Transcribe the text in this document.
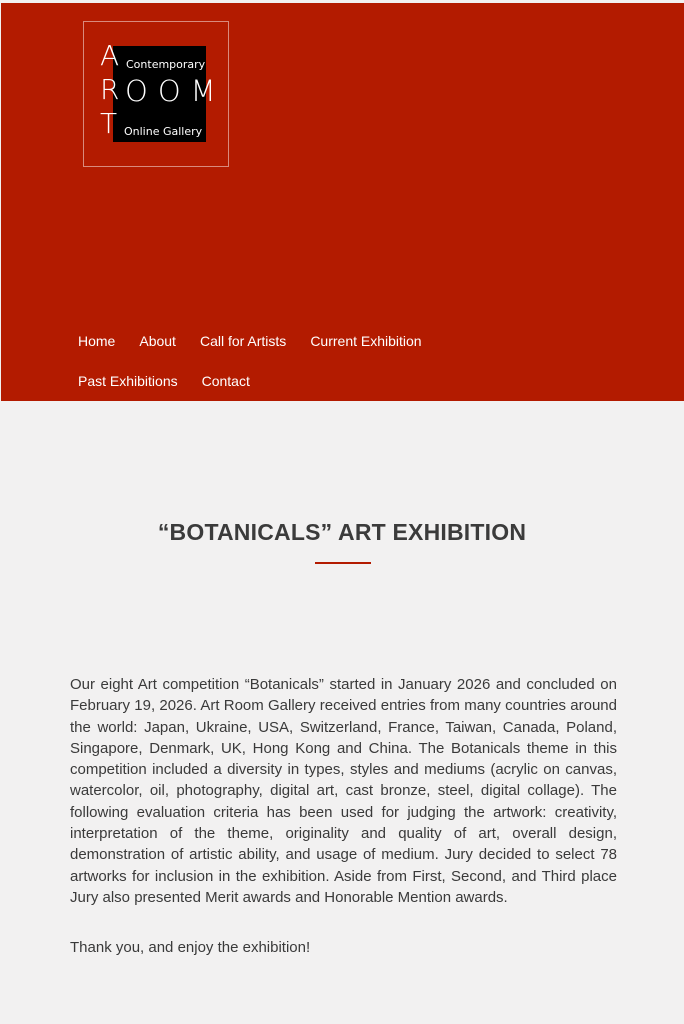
A
R
T
OOM
Contemporary
Online Gallery
Home About Call for Artists Current Exhibition
Past Exhibitions Contact
“BOTANICALS” ART EXHIBITION

Our eight Art competition “Botanicals” started in January 2026 and concluded on February 19, 2026. Art Room Gallery received entries from many countries around the world: Japan, Ukraine, USA, Switzerland, France, Taiwan, Canada, Poland, Singapore, Denmark, UK, Hong Kong and China. The Botanicals theme in this competition included a diversity in types, styles and mediums (acrylic on canvas, watercolor, oil, photography, digital art, cast bronze, steel, digital collage). The following evaluation criteria has been used for judging the artwork: creativity, interpretation of the theme, originality and quality of art, overall design, demonstration of artistic ability, and usage of medium. Jury decided to select 78 artworks for inclusion in the exhibition. Aside from First, Second, and Third place Jury also presented Merit awards and Honorable Mention awards.

Thank you, and enjoy the exhibition!
